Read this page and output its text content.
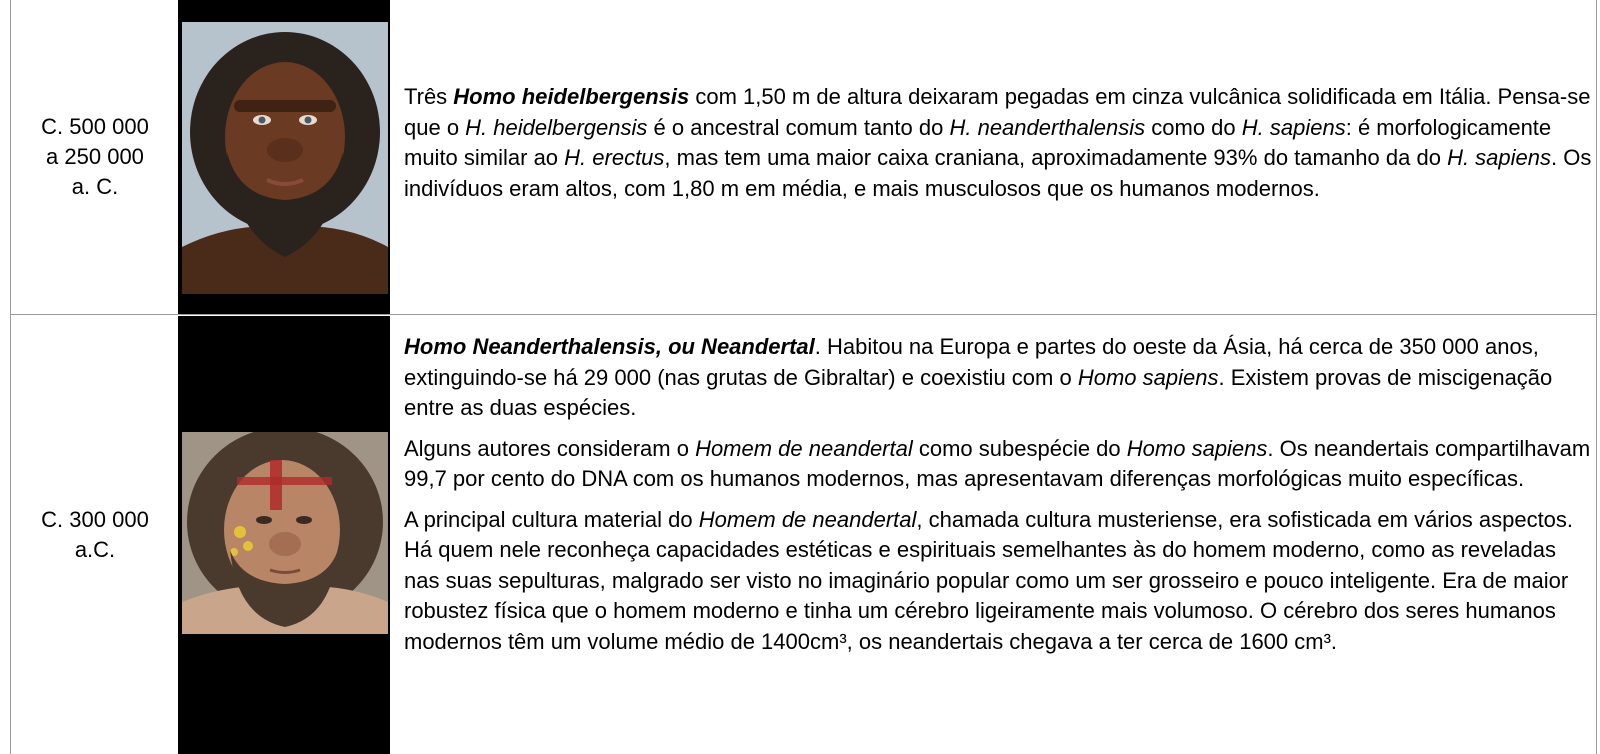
C. 500 000
a 250 000
a. C.

Três Homo heidelbergensis com 1,50 m de altura deixaram pegadas em cinza vulcânica solidificada em Itália. Pensa-se que o H. heidelbergensis é o ancestral comum tanto do H. neanderthalensis como do H. sapiens: é morfologicamente muito similar ao H. erectus, mas tem uma maior caixa craniana, aproximadamente 93% do tamanho da do H. sapiens. Os indivíduos eram altos, com 1,80 m em média, e mais musculosos que os humanos modernos.

C. 300 000
a.C.

Homo Neanderthalensis, ou Neandertal. Habitou na Europa e partes do oeste da Ásia, há cerca de 350 000 anos, extinguindo-se há 29 000 (nas grutas de Gibraltar) e coexistiu com o Homo sapiens. Existem provas de miscigenação entre as duas espécies.

Alguns autores consideram o Homem de neandertal como subespécie do Homo sapiens. Os neandertais compartilhavam 99,7 por cento do DNA com os humanos modernos, mas apresentavam diferenças morfológicas muito específicas.

A principal cultura material do Homem de neandertal, chamada cultura musteriense, era sofisticada em vários aspectos. Há quem nele reconheça capacidades estéticas e espirituais semelhantes às do homem moderno, como as reveladas nas suas sepulturas, malgrado ser visto no imaginário popular como um ser grosseiro e pouco inteligente. Era de maior robustez física que o homem moderno e tinha um cérebro ligeiramente mais volumoso. O cérebro dos seres humanos modernos têm um volume médio de 1400cm³, os neandertais chegava a ter cerca de 1600 cm³.
